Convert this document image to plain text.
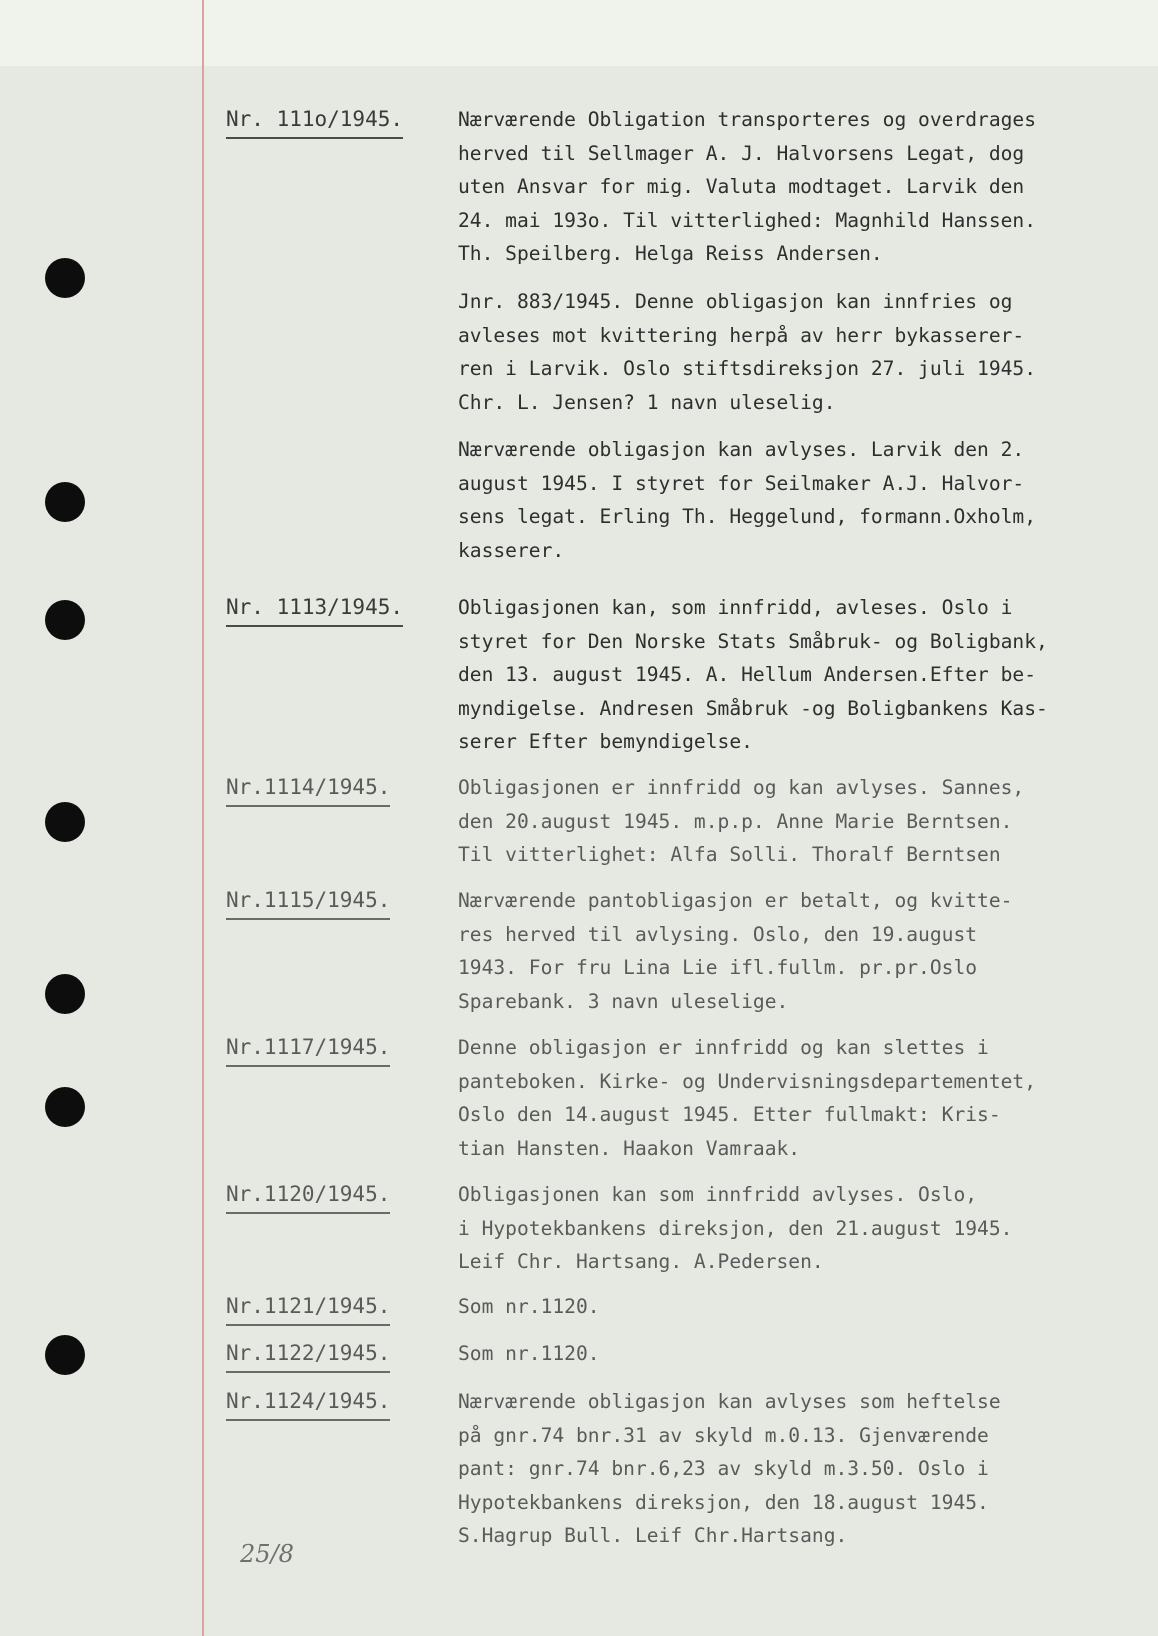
Nr. 111o/1945.	Nærværende Obligation transporteres og overdrages
herved til Sellmager A. J. Halvorsens Legat, dog
uten Ansvar for mig. Valuta modtaget. Larvik den
24. mai 193o. Til vitterlighed: Magnhild Hanssen.
Th. Speilberg. Helga Reiss Andersen.
Jnr. 883/1945. Denne obligasjon kan innfries og
avleses mot kvittering herpå av herr bykasserer-
ren i Larvik. Oslo stiftsdireksjon 27. juli 1945.
Chr. L. Jensen? 1 navn uleselig.
Nærværende obligasjon kan avlyses. Larvik den 2.
august 1945. I styret for Seilmaker A.J. Halvor-
sens legat. Erling Th. Heggelund, formann.Oxholm,
kasserer.
Nr. 1113/1945.	Obligasjonen kan, som innfridd, avleses. Oslo i
styret for Den Norske Stats Småbruk- og Boligbank,
den 13. august 1945. A. Hellum Andersen.Efter be-
myndigelse. Andresen Småbruk -og Boligbankens Kas-
serer Efter bemyndigelse.
Nr.1114/1945.	Obligasjonen er innfridd og kan avlyses. Sannes,
den 20.august 1945. m.p.p. Anne Marie Berntsen.
Til vitterlighet: Alfa Solli. Thoralf Berntsen
Nr.1115/1945.	Nærværende pantobligasjon er betalt, og kvitte-
res herved til avlysing. Oslo, den 19.august
1943. For fru Lina Lie ifl.fullm. pr.pr.Oslo
Sparebank. 3 navn uleselige.
Nr.1117/1945.	Denne obligasjon er innfridd og kan slettes i
panteboken. Kirke- og Undervisningsdepartementet,
Oslo den 14.august 1945. Etter fullmakt: Kris-
tian Hansten. Haakon Vamraak.
Nr.1120/1945.	Obligasjonen kan som innfridd avlyses. Oslo,
i Hypotekbankens direksjon, den 21.august 1945.
Leif Chr. Hartsang. A.Pedersen.
Nr.1121/1945.	Som nr.1120.
Nr.1122/1945.	Som nr.1120.
Nr.1124/1945.	Nærværende obligasjon kan avlyses som heftelse
på gnr.74 bnr.31 av skyld m.0.13. Gjenværende
pant: gnr.74 bnr.6,23 av skyld m.3.50. Oslo i
Hypotekbankens direksjon, den 18.august 1945.
S.Hagrup Bull. Leif Chr.Hartsang.
25/8
